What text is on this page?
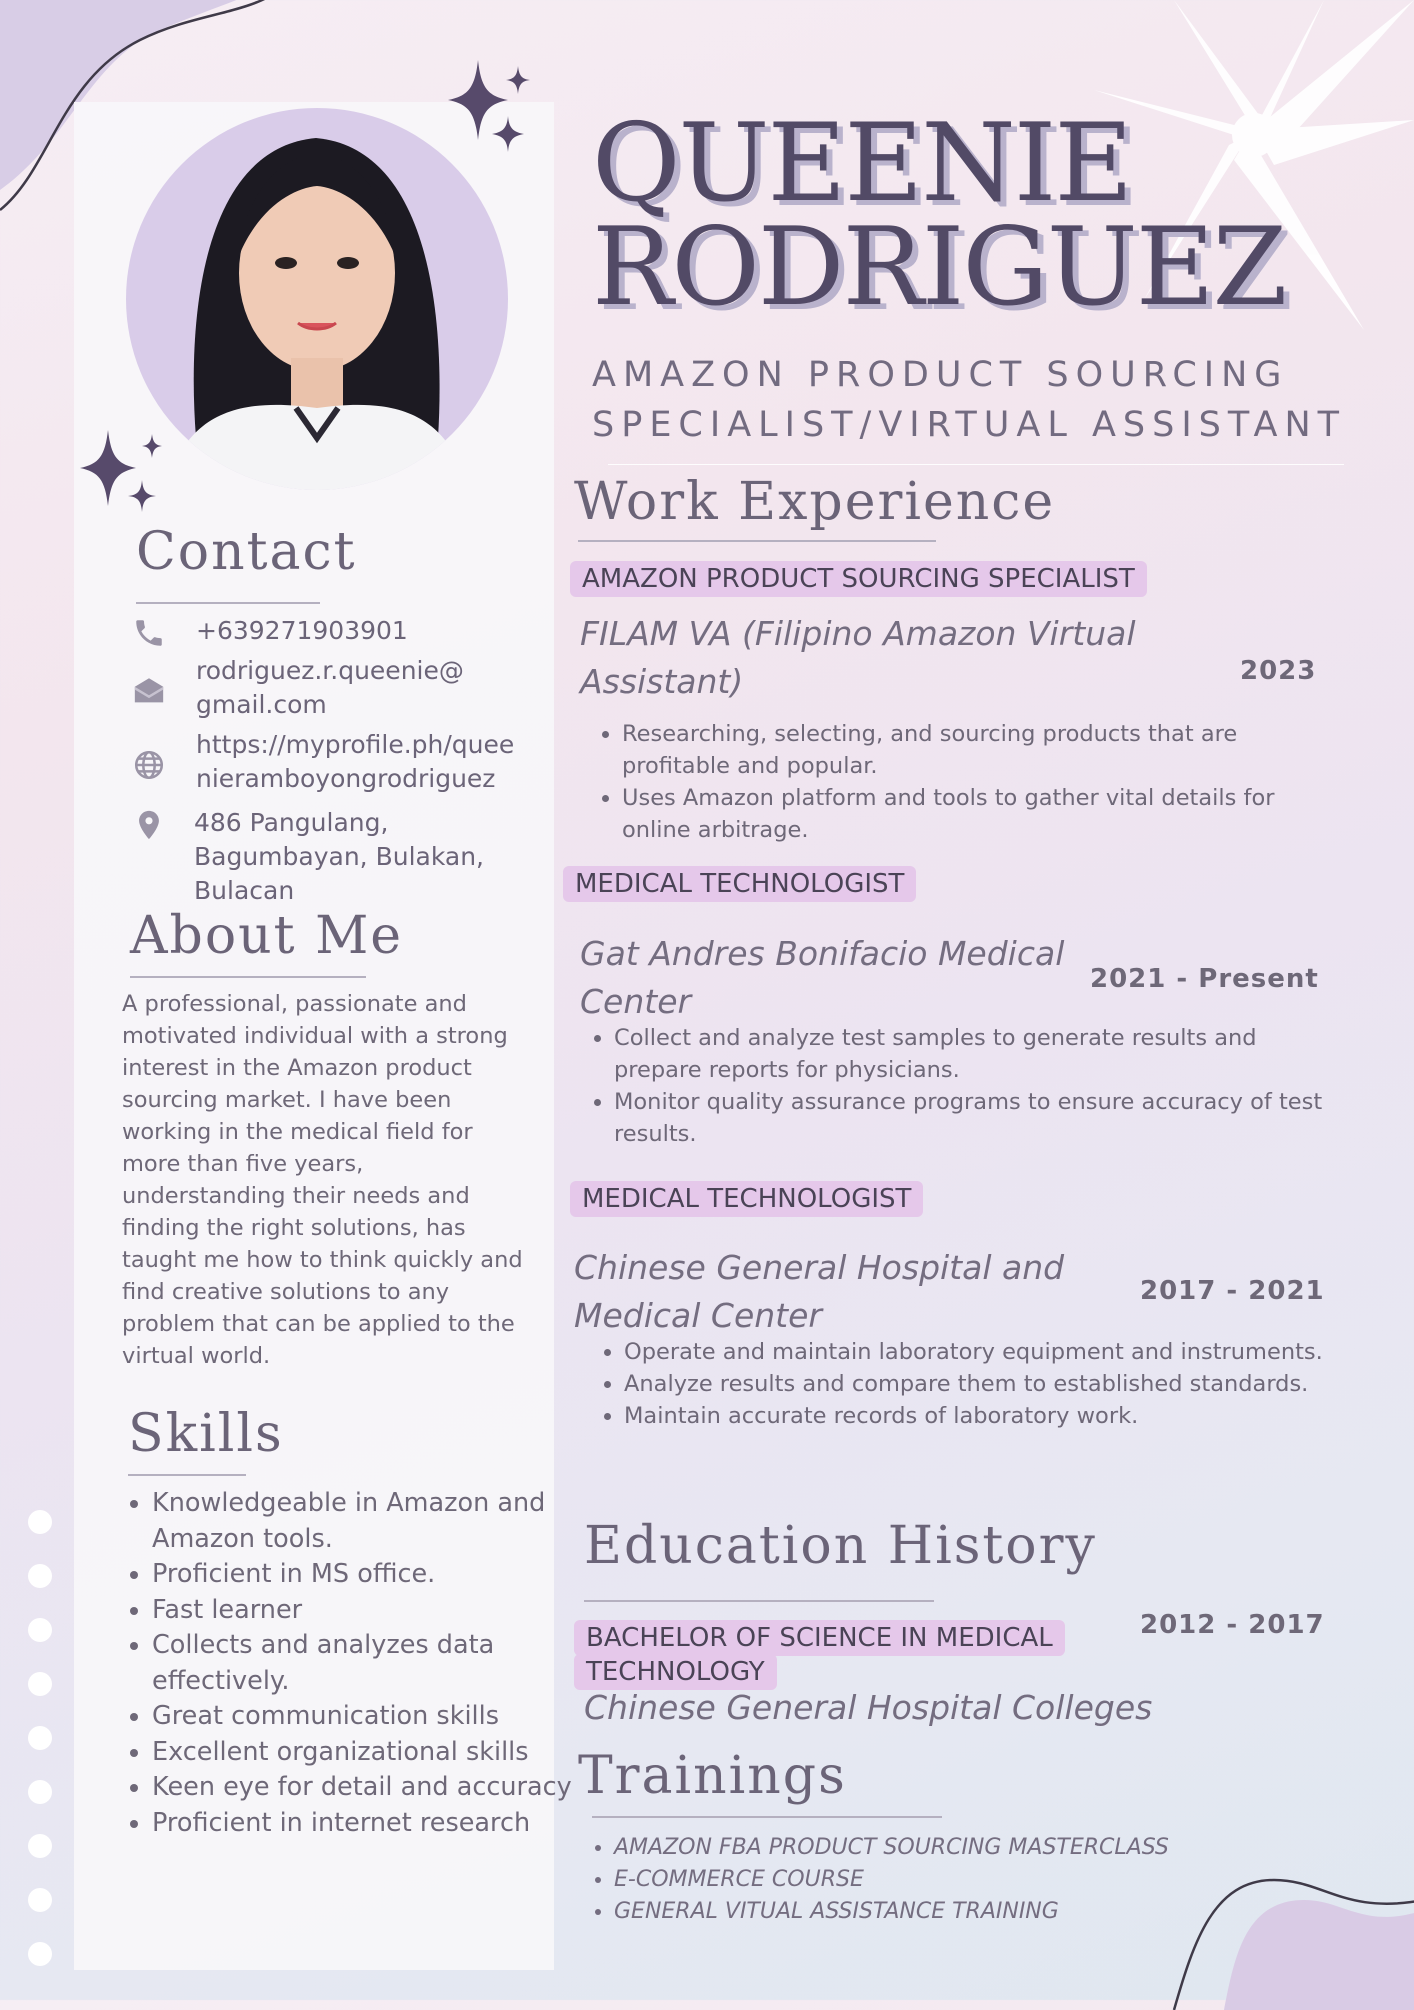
Contact
+639271903901
rodriguez.r.queenie@
gmail.com
https://myprofile.ph/quee
nieramboyongrodriguez
486 Pangulang,
Bagumbayan, Bulakan,
Bulacan
About Me
A professional, passionate and motivated individual with a strong interest in the Amazon product sourcing market. I have been working in the medical field for more than five years, understanding their needs and finding the right solutions, has taught me how to think quickly and find creative solutions to any problem that can be applied to the virtual world.
Skills
• Knowledgeable in Amazon and Amazon tools.
• Proficient in MS office.
• Fast learner
• Collects and analyzes data effectively.
• Great communication skills
• Excellent organizational skills
• Keen eye for detail and accuracy
• Proficient in internet research
QUEENIE
RODRIGUEZ
AMAZON PRODUCT SOURCING
SPECIALIST/VIRTUAL ASSISTANT
Work Experience
AMAZON PRODUCT SOURCING SPECIALIST
FILAM VA (Filipino Amazon Virtual
Assistant)	2023
• Researching, selecting, and sourcing products that are profitable and popular.
• Uses Amazon platform and tools to gather vital details for online arbitrage.
MEDICAL TECHNOLOGIST
Gat Andres Bonifacio Medical
Center
2021 - Present
• Collect and analyze test samples to generate results and prepare reports for physicians.
• Monitor quality assurance programs to ensure accuracy of test results.
MEDICAL TECHNOLOGIST
Chinese General Hospital and
Medical Center
2017 - 2021
• Operate and maintain laboratory equipment and instruments.
• Analyze results and compare them to established standards.
• Maintain accurate records of laboratory work.
Education History
BACHELOR OF SCIENCE IN MEDICAL
TECHNOLOGY
2012 - 2017
Chinese General Hospital Colleges
Trainings
• AMAZON FBA PRODUCT SOURCING MASTERCLASS
• E-COMMERCE COURSE
• GENERAL VITUAL ASSISTANCE TRAINING
